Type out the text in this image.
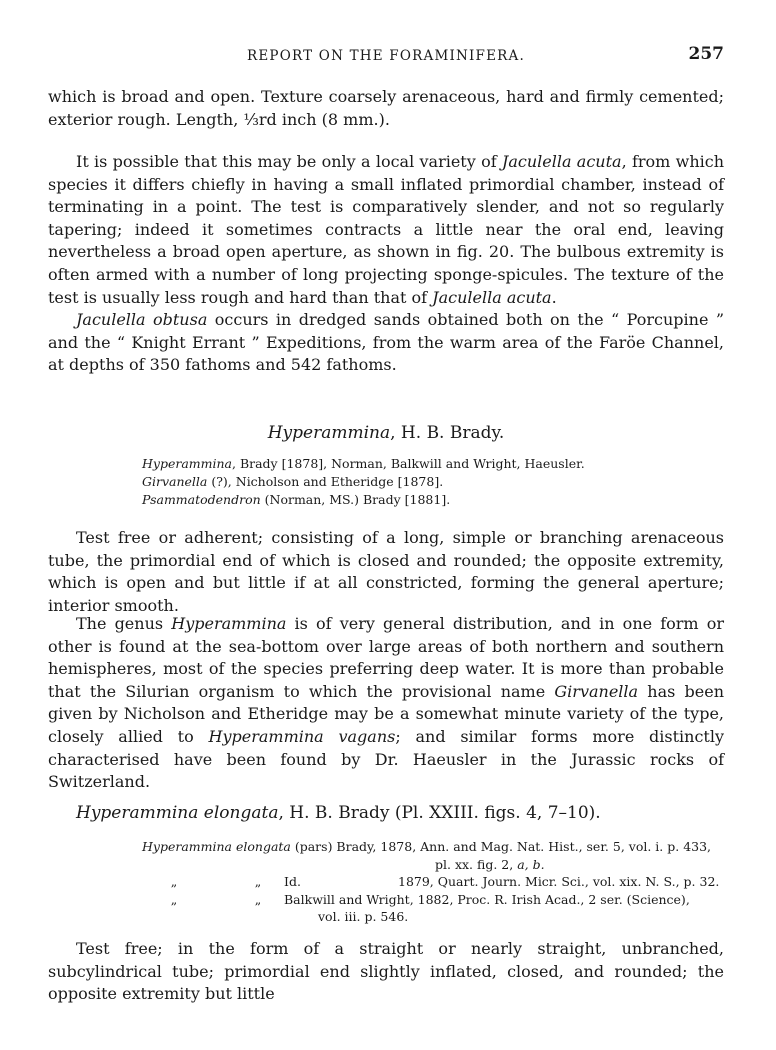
REPORT ON THE FORAMINIFERA.	257

which is broad and open. Texture coarsely arenaceous, hard and firmly cemented; exterior rough. Length, ⅓rd inch (8 mm.).

It is possible that this may be only a local variety of Jaculella acuta, from which species it differs chiefly in having a small inflated primordial chamber, instead of terminating in a point. The test is comparatively slender, and not so regularly tapering; indeed it sometimes contracts a little near the oral end, leaving nevertheless a broad open aperture, as shown in fig. 20. The bulbous extremity is often armed with a number of long projecting sponge-spicules. The texture of the test is usually less rough and hard than that of Jaculella acuta.

Jaculella obtusa occurs in dredged sands obtained both on the “ Porcupine ” and the “ Knight Errant ” Expeditions, from the warm area of the Faröe Channel, at depths of 350 fathoms and 542 fathoms.

Hyperammina, H. B. Brady.
Hyperammina, Brady [1878], Norman, Balkwill and Wright, Haeusler.
Girvanella (?), Nicholson and Etheridge [1878].
Psammatodendron (Norman, MS.) Brady [1881].

Test free or adherent; consisting of a long, simple or branching arenaceous tube, the primordial end of which is closed and rounded; the opposite extremity, which is open and but little if at all constricted, forming the general aperture; interior smooth.

The genus Hyperammina is of very general distribution, and in one form or other is found at the sea-bottom over large areas of both northern and southern hemispheres, most of the species preferring deep water. It is more than probable that the Silurian organism to which the provisional name Girvanella has been given by Nicholson and Etheridge may be a somewhat minute variety of the type, closely allied to Hyperammina vagans; and similar forms more distinctly characterised have been found by Dr. Haeusler in the Jurassic rocks of Switzerland.

Hyperammina elongata, H. B. Brady (Pl. XXIII. figs. 4, 7–10).
Hyperammina elongata (pars) Brady, 1878, Ann. and Mag. Nat. Hist., ser. 5, vol. i. p. 433,
pl. xx. fig. 2, a, b.
„	„ Id.	1879, Quart. Journ. Micr. Sci., vol. xix. N. S., p. 32.
„	„ Balkwill and Wright, 1882, Proc. R. Irish Acad., 2 ser. (Science),
vol. iii. p. 546.

Test free; in the form of a straight or nearly straight, unbranched, subcylindrical tube; primordial end slightly inflated, closed, and rounded; the opposite extremity but little
